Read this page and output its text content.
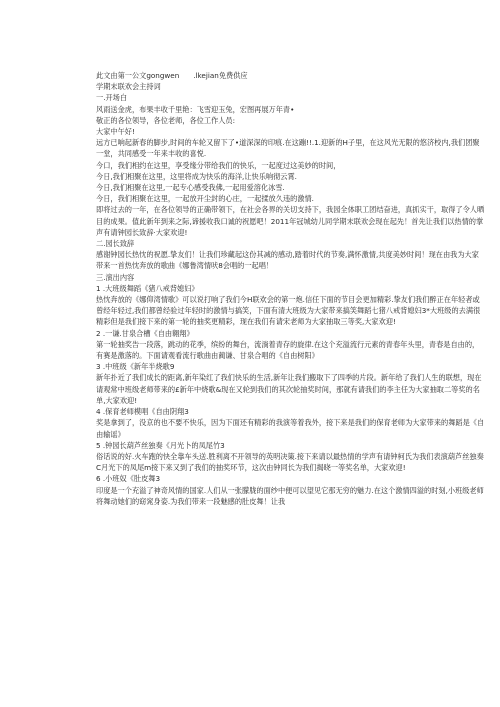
此文由第一公文gongwen .lkejian免费供应

学期末联欢会主持词

一.开场白

风雨送金虎，布果丰收千里艳：飞雪迎玉兔，宏图再展万年青•

敬正的各位领导，各位老师，各位工作人员:

大家中午好!

远方已响起新春的脚步,时间的车轮又留下了•道深深的印痕.在这蹦!!.1.迎新的H子里，在这风光无限的悠济校内,我们团聚一堂，共同感受一年来丰收的喜悦.

今口，我们相约在这里，享受缘分带给我们的快乐，一起度过这美妙的时间，

今日,我们相聚在这里，这里将成为快乐的海洋,让快乐响彻云霄.

今日,我们相聚在这里,一起专心感受我佛,一起用爱溶化冰雪.

今日，我们相聚在这里，一起放开尘封的心庄，一起揉放久违的激情.

即将过去的一年，在各位领导的正确带领下，在社会各界的关切支持下，我园全体职工团结奋进，真抓实干，取得了令人晒目的成果。值此新年到来之际,谛援收我口诚的祝愿吧！2011年冠城幼儿同学期末联欢会现在起先！首先让我们以热情的掌声有请钟园长致辞·大家欢迎!

二.园长致辞

感谢钟园长热忱的祝愿.挚友们！让我们珍藏起这份其减的感动,踏着时代的节奏,满怀激情,共度美妙时间！现在由我为大家带来一首热忱奔放的歌曲《娜鲁湾情吠8会唱的一起唱！

三.演出内容

1 .大班级舞蹈《猪八戒背媳妇》

热忱奔放的《娜仰湾情歌》可以说打响了我们今H联欢会的第一炮.信任下面的节目会更加精彩.挚友们我们醉正在年轻者或曾经年轻过,我们都曾经验过年轻时的激情与搞笑，下面有清大班级为大家带来搞笑舞蹈七猪八戒背媳妇3*大班级的去满很精彩但是我们接下来的第一轮的抽奖更精彩，现在我们有请宋老师为大家抽取三等奖,大家欢迎!

2 .一谦.甘泉合槽《自由翱翔》

第一轮抽奖告一段落，跳动的花季，缤纷的舞台，流淌着青存的旋律.在这个充溢流行元素的青春年头里，青春是自由的，有赛是激落的。下面请观看流行歌曲由蔺谦、甘泉合唱的《自由树阳》

3 .中班级《新年半烧歌9

新年扑近了我们成长的距离,新年染红了我们快乐的生活,新年让我们搬取下了四季的片段。新年给了我们人生的联想，现在请观常中班级老师带来的£新年中烧歌&现在又轮到我们的其次轮抽奖时间，那就有请我们的李主任为大家抽取二等奖的名单,大家欢迎!

4 .保育老师模唱《自由阴翔3

奖是拿到了，没京的也不要不快乐，因为下面还有精彩的我演等着我外，接下来是我们的保育老师为大家带来的舞蹈是《自由输谣》

5 .钟园长葫芦丝独奏《月光卜的凤尾竹3

俗话说的好.火车跑的快全靠车头送.胜利离不开领导的英明决策.接下来请以最热情的学声有请钟柯氏为我们表演葫芦丝独奏C月光下的凤尾m接下来又到了我们的抽奖环节，这次由钟同长为我们揭晓一等奖名单，大家欢迎!

6 .小班奴《肚皮舞3

印度是一个充溢了神奇风情的国家.人们从一张朦胧的面纱中便可以望见它那无穷的魅力.在这个激情四溢的时刻,小班级老师将舞动她们的窈窕身姿.为我们带来一段魅感的肚皮舞！让我
